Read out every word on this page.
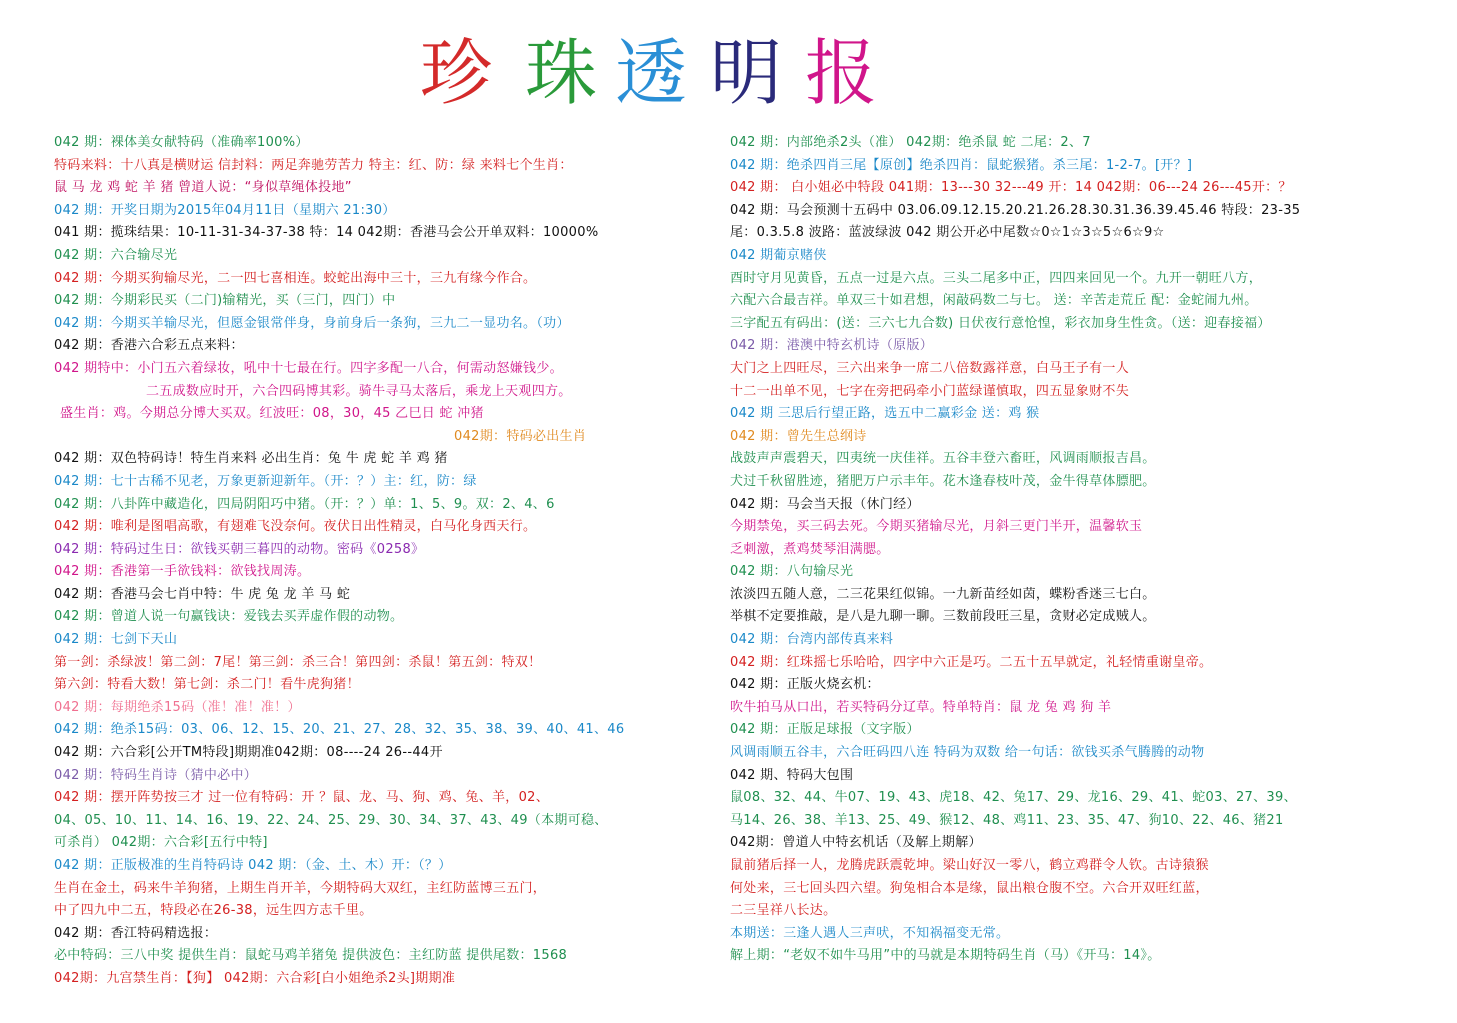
珍 珠 透 明 报
042 期：裸体美女献特码（准确率100%）
特码来料：十八真是横财运 信封料：两足奔驰劳苦力 特主：红、防：绿 来料七个生肖：
鼠 马 龙 鸡 蛇 羊 猪 曾道人说：“身似草绳体投地”
042 期：开奖日期为2015年04月11日（星期六 21:30）
041 期：揽珠结果：10-11-31-34-37-38 特：14 042期：香港马会公开单双料：10000%
042 期：六合输尽光
042 期：今期买狗输尽光，二一四七喜相连。蛟蛇出海中三十，三九有缘今作合。
042 期：今期彩民买（二门)输精光，买（三门，四门）中
042 期：今期买羊输尽光，但愿金银常伴身，身前身后一条狗，三九二一显功名。（功）
042 期：香港六合彩五点来料：
042 期特中：小门五六着绿妆，吼中十七最在行。四字多配一八合，何需动怒嫌钱少。
二五成数应时开，六合四码博其彩。骑牛寻马太落后，乘龙上天观四方。
盛生肖：鸡。今期总分博大买双。红波旺：08，30，45 乙巳日 蛇 冲猪
042期：特码必出生肖
042 期：双色特码诗！特生肖来料 必出生肖：兔 牛 虎 蛇 羊 鸡 猪
042 期：七十古稀不见老，万象更新迎新年。（开：？）主：红，防：绿
042 期：八卦阵中藏造化，四局阴阳巧中猪。（开：？）单：1、5、9。双：2、4、6
042 期：唯利是图唱高歌，有翅难飞没奈何。夜伏日出性精灵，白马化身西天行。
042 期：特码过生日：欲钱买朝三暮四的动物。密码《0258》
042 期：香港第一手欲钱料：欲钱找周涛。
042 期：香港马会七肖中特：牛 虎 兔 龙 羊 马 蛇
042 期：曾道人说一句赢钱诀：爱钱去买弄虚作假的动物。
042 期：七剑下天山
第一剑：杀绿波！第二剑：7尾！第三剑：杀三合！第四剑：杀鼠！第五剑：特双！
第六剑：特看大数！第七剑：杀二门！看牛虎狗猪！
042 期：每期绝杀15码（准！准！准！）
042 期：绝杀15码：03、06、12、15、20、21、27、28、32、35、38、39、40、41、46
042 期：六合彩[公开TM特段]期期准042期：08----24 26--44开
042 期：特码生肖诗（猜中必中）
042 期：摆开阵势按三才 过一位有特码：开 ？鼠、龙、马、狗、鸡、兔、羊，02、
04、05、10、11、14、16、19、22、24、25、29、30、34、37、43、49（本期可稳、
可杀肖） 042期：六合彩[五行中特]
042 期：正版极准的生肖特码诗 042 期：（金、土、木）开：（？）
生肖在金土，码来牛羊狗猪，上期生肖开羊，今期特码大双红，主红防蓝博三五门，
中了四九中二五，特段必在26-38，远生四方志千里。
042 期：香江特码精选报：
必中特码：三八中奖 提供生肖：鼠蛇马鸡羊猪兔 提供波色：主红防蓝 提供尾数：1568
042期：九宫禁生肖：【狗】 042期：六合彩[白小姐绝杀2头]期期准
042 期：内部绝杀2头（准） 042期：绝杀鼠 蛇 二尾：2、7
042 期：绝杀四肖三尾【原创】绝杀四肖：鼠蛇猴猪。杀三尾：1-2-7。[开？]
042 期： 白小姐必中特段 041期：13---30 32---49 开：14 042期：06---24 26---45开：？
042 期：马会预测十五码中 03.06.09.12.15.20.21.26.28.30.31.36.39.45.46 特段：23-35
尾：0.3.5.8 波路：蓝波绿波 042 期公开必中尾数☆0☆1☆3☆5☆6☆9☆
042 期葡京赌侠
酉时守月见黄昏，五点一过是六点。三头二尾多中正，四四来回见一个。九开一朝旺八方，
六配六合最吉祥。单双三十如君想，闲敲码数二与七。 送：辛苦走荒丘 配：金蛇闹九州。
三字配五有码出：(送：三六七九合数) 日伏夜行意怆惶，彩衣加身生性贪。（送：迎春接福）
042 期：港澳中特玄机诗（原版）
大门之上四旺尽，三六出来争一席二八倍数露祥意，白马王子有一人
十二一出单不见，七字在旁把码牵小门蓝绿谨慎取，四五显象财不失
042 期 三思后行望正路，选五中二赢彩金 送：鸡 猴
042 期：曾先生总纲诗
战鼓声声震碧天，四夷统一庆佳祥。五谷丰登六畜旺，风调雨顺报吉昌。
犬过千秋留胜迹，猪肥万户示丰年。花木逢春枝叶茂，金牛得草体膘肥。
042 期：马会当天报（休门经）
今期禁兔，买三码去死。今期买猪输尽光，月斜三更门半开，温馨软玉
乏刺激，煮鸡焚琴泪满腮。
042 期：八句输尽光
浓淡四五随人意，二三花果红似锦。一九新苗经如茵，蝶粉香迷三七白。
举棋不定要推敲，是八是九聊一聊。三数前段旺三星，贪财必定成贼人。
042 期：台湾内部传真来料
042 期：红珠摇七乐哈哈，四字中六正是巧。二五十五早就定，礼轻情重谢皇帝。
042 期：正版火烧玄机：
吹牛拍马从口出，若买特码分辽草。特单特肖：鼠 龙 兔 鸡 狗 羊
042 期：正版足球报（文字版）
风调雨顺五谷丰，六合旺码四八连 特码为双数 给一句话：欲钱买杀气腾腾的动物
042 期、特码大包围
鼠08、32、44、牛07、19、43、虎18、42、兔17、29、龙16、29、41、蛇03、27、39、
马14、26、38、羊13、25、49、猴12、48、鸡11、23、35、47、狗10、22、46、猪21
042期：曾道人中特玄机话（及解上期解）
鼠前猪后择一人，龙腾虎跃震乾坤。梁山好汉一零八，鹤立鸡群令人钦。古诗猿猴
何处来，三七回头四六望。狗兔相合本是缘，鼠出粮仓腹不空。六合开双旺红蓝，
二三呈祥八长达。
本期送：三逢人遇人三声吠，不知祸福变无常。
解上期：“老奴不如牛马用”中的马就是本期特码生肖（马）《开马：14》。
